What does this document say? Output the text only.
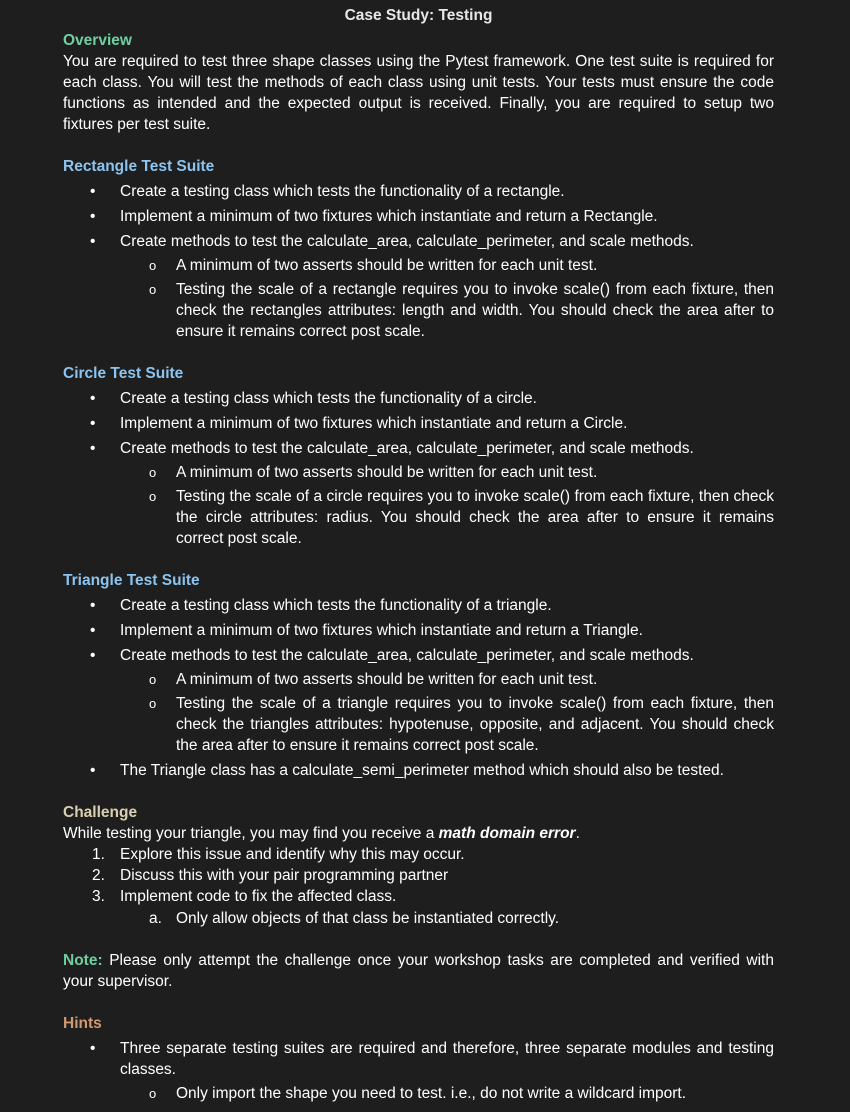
Case Study: Testing

Overview

You are required to test three shape classes using the Pytest framework. One test suite is required for each class. You will test the methods of each class using unit tests. Your tests must ensure the code functions as intended and the expected output is received. Finally, you are required to setup two fixtures per test suite.

Rectangle Test Suite

• Create a testing class which tests the functionality of a rectangle.
• Implement a minimum of two fixtures which instantiate and return a Rectangle.
• Create methods to test the calculate_area, calculate_perimeter, and scale methods.
o A minimum of two asserts should be written for each unit test.
o Testing the scale of a rectangle requires you to invoke scale() from each fixture, then check the rectangles attributes: length and width. You should check the area after to ensure it remains correct post scale.

Circle Test Suite

• Create a testing class which tests the functionality of a circle.
• Implement a minimum of two fixtures which instantiate and return a Circle.
• Create methods to test the calculate_area, calculate_perimeter, and scale methods.
o A minimum of two asserts should be written for each unit test.
o Testing the scale of a circle requires you to invoke scale() from each fixture, then check the circle attributes: radius. You should check the area after to ensure it remains correct post scale.

Triangle Test Suite

• Create a testing class which tests the functionality of a triangle.
• Implement a minimum of two fixtures which instantiate and return a Triangle.
• Create methods to test the calculate_area, calculate_perimeter, and scale methods.
o A minimum of two asserts should be written for each unit test.
o Testing the scale of a triangle requires you to invoke scale() from each fixture, then check the triangles attributes: hypotenuse, opposite, and adjacent. You should check the area after to ensure it remains correct post scale.
• The Triangle class has a calculate_semi_perimeter method which should also be tested.

Challenge

While testing your triangle, you may find you receive a math domain error.

1. Explore this issue and identify why this may occur.
2. Discuss this with your pair programming partner
3. Implement code to fix the affected class.
a. Only allow objects of that class be instantiated correctly.

Note: Please only attempt the challenge once your workshop tasks are completed and verified with your supervisor.

Hints

• Three separate testing suites are required and therefore, three separate modules and testing classes.
o Only import the shape you need to test. i.e., do not write a wildcard import.
